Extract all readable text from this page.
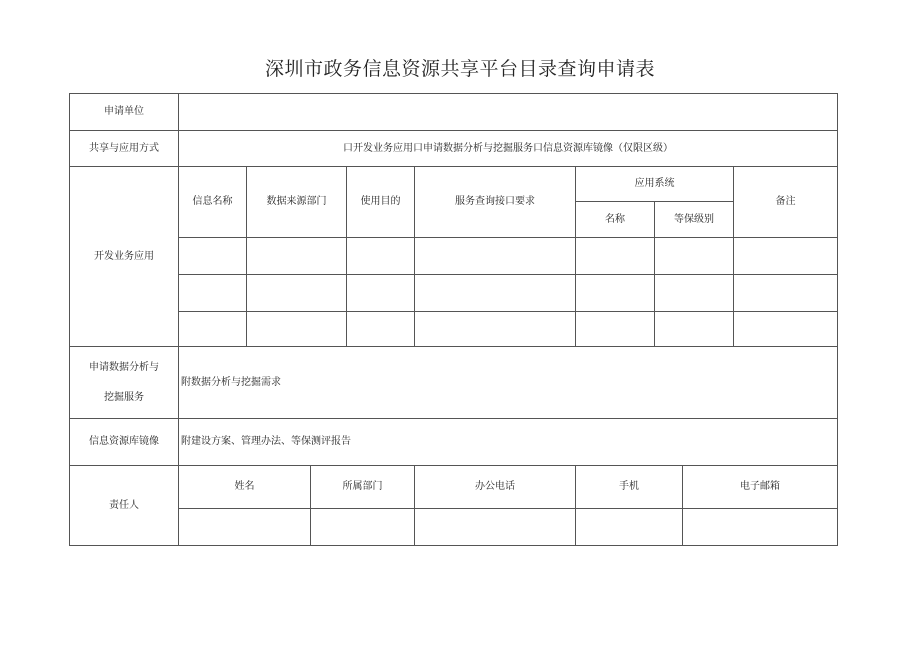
深圳市政务信息资源共享平台目录查询申请表
申请单位									
共享与应用方式	口开发业务应用口申请数据分析与挖掘服务口信息资源库镜像（仅限区级）								
开发业务应用	信息名称	数据来源部门		使用目的	服务查询接口要求	应用系统			备注
						名称	等保级别		

申请数据分析与
挖掘服务	附数据分析与挖掘需求								
信息资源库镜像	附建设方案、管理办法、等保测评报告								
责任人	姓名		所属部门		办公电话	手机		电子邮箱	
